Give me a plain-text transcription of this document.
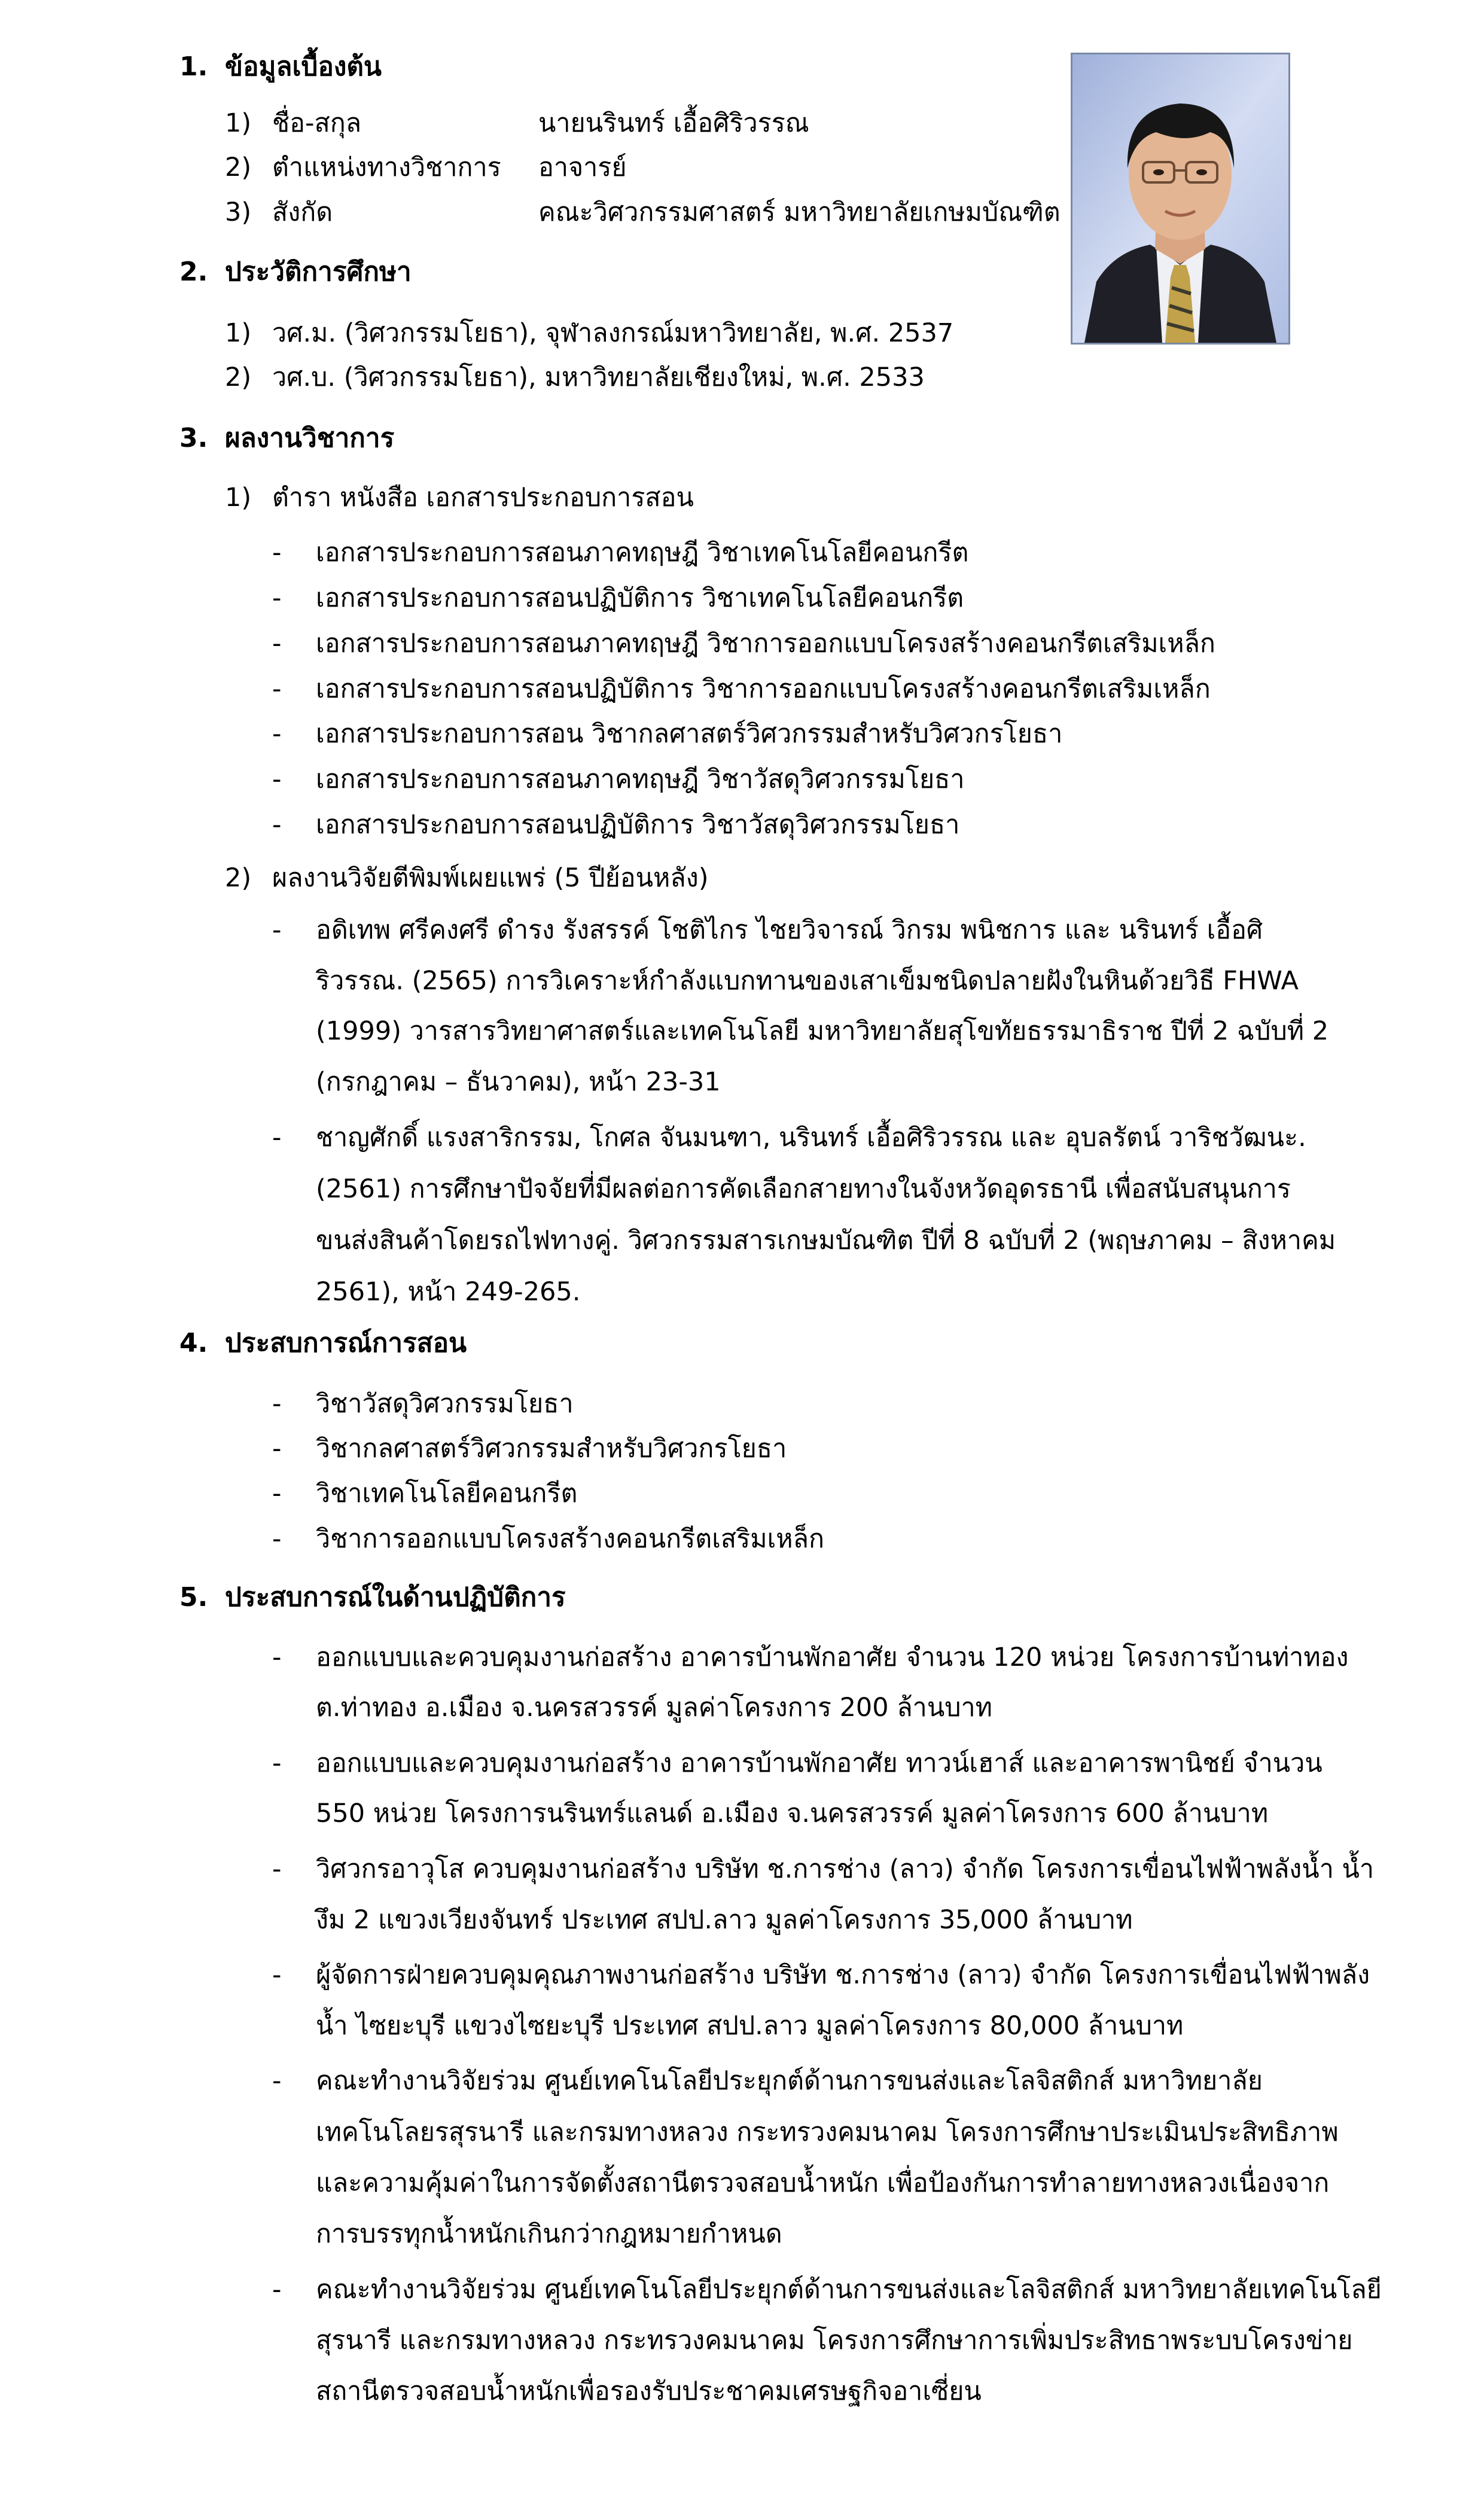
1. ข้อมูลเบื้องต้น
1) ชื่อ-สกุล	นายนรินทร์ เอื้อศิริวรรณ
2) ตำแหน่งทางวิชาการ อาจารย์
3) สังกัด	คณะวิศวกรรมศาสตร์ มหาวิทยาลัยเกษมบัณฑิต
2. ประวัติการศึกษา
1) วศ.ม. (วิศวกรรมโยธา), จุฬาลงกรณ์มหาวิทยาลัย, พ.ศ. 2537
2) วศ.บ. (วิศวกรรมโยธา), มหาวิทยาลัยเชียงใหม่, พ.ศ. 2533
3. ผลงานวิชาการ
1) ตำรา หนังสือ เอกสารประกอบการสอน
- เอกสารประกอบการสอนภาคทฤษฎี วิชาเทคโนโลยีคอนกรีต
- เอกสารประกอบการสอนปฏิบัติการ วิชาเทคโนโลยีคอนกรีต
- เอกสารประกอบการสอนภาคทฤษฎี วิชาการออกแบบโครงสร้างคอนกรีตเสริมเหล็ก
- เอกสารประกอบการสอนปฏิบัติการ วิชาการออกแบบโครงสร้างคอนกรีตเสริมเหล็ก
- เอกสารประกอบการสอน วิชากลศาสตร์วิศวกรรมสำหรับวิศวกรโยธา
- เอกสารประกอบการสอนภาคทฤษฎี วิชาวัสดุวิศวกรรมโยธา
- เอกสารประกอบการสอนปฏิบัติการ วิชาวัสดุวิศวกรรมโยธา
2) ผลงานวิจัยตีพิมพ์เผยแพร่ (5 ปีย้อนหลัง)
- อดิเทพ ศรีคงศรี ดำรง รังสรรค์ โชติไกร ไชยวิจารณ์ วิกรม พนิชการ และ นรินทร์ เอื้อศิ
ริวรรณ. (2565) การวิเคราะห์กำลังแบกทานของเสาเข็มชนิดปลายฝังในหินด้วยวิธี FHWA
(1999) วารสารวิทยาศาสตร์และเทคโนโลยี มหาวิทยาลัยสุโขทัยธรรมาธิราช ปีที่ 2 ฉบับที่ 2
(กรกฎาคม – ธันวาคม), หน้า 23-31
- ชาญศักดิ์ แรงสาริกรรม, โกศล จันมนฑา, นรินทร์ เอื้อศิริวรรณ และ อุบลรัตน์ วาริชวัฒนะ.
(2561) การศึกษาปัจจัยที่มีผลต่อการคัดเลือกสายทางในจังหวัดอุดรธานี เพื่อสนับสนุนการ
ขนส่งสินค้าโดยรถไฟทางคู่. วิศวกรรมสารเกษมบัณฑิต ปีที่ 8 ฉบับที่ 2 (พฤษภาคม – สิงหาคม
2561), หน้า 249-265.
4. ประสบการณ์การสอน
- วิชาวัสดุวิศวกรรมโยธา
- วิชากลศาสตร์วิศวกรรมสำหรับวิศวกรโยธา
- วิชาเทคโนโลยีคอนกรีต
- วิชาการออกแบบโครงสร้างคอนกรีตเสริมเหล็ก
5. ประสบการณ์ในด้านปฏิบัติการ
- ออกแบบและควบคุมงานก่อสร้าง อาคารบ้านพักอาศัย จำนวน 120 หน่วย โครงการบ้านท่าทอง
ต.ท่าทอง อ.เมือง จ.นครสวรรค์ มูลค่าโครงการ 200 ล้านบาท
- ออกแบบและควบคุมงานก่อสร้าง อาคารบ้านพักอาศัย ทาวน์เฮาส์ และอาคารพานิชย์ จำนวน
550 หน่วย โครงการนรินทร์แลนด์ อ.เมือง จ.นครสวรรค์ มูลค่าโครงการ 600 ล้านบาท
- วิศวกรอาวุโส ควบคุมงานก่อสร้าง บริษัท ช.การช่าง (ลาว) จำกัด โครงการเขื่อนไฟฟ้าพลังน้ำ น้ำ
งึม 2 แขวงเวียงจันทร์ ประเทศ สปป.ลาว มูลค่าโครงการ 35,000 ล้านบาท
- ผู้จัดการฝ่ายควบคุมคุณภาพงานก่อสร้าง บริษัท ช.การช่าง (ลาว) จำกัด โครงการเขื่อนไฟฟ้าพลัง
น้ำ ไซยะบุรี แขวงไซยะบุรี ประเทศ สปป.ลาว มูลค่าโครงการ 80,000 ล้านบาท
- คณะทำงานวิจัยร่วม ศูนย์เทคโนโลยีประยุกต์ด้านการขนส่งและโลจิสติกส์ มหาวิทยาลัย
เทคโนโลยรสุรนารี และกรมทางหลวง กระทรวงคมนาคม โครงการศึกษาประเมินประสิทธิภาพ
และความคุ้มค่าในการจัดตั้งสถานีตรวจสอบน้ำหนัก เพื่อป้องกันการทำลายทางหลวงเนื่องจาก
การบรรทุกน้ำหนักเกินกว่ากฎหมายกำหนด
- คณะทำงานวิจัยร่วม ศูนย์เทคโนโลยีประยุกต์ด้านการขนส่งและโลจิสติกส์ มหาวิทยาลัยเทคโนโลยี
สุรนารี และกรมทางหลวง กระทรวงคมนาคม โครงการศึกษาการเพิ่มประสิทธาพระบบโครงข่าย
สถานีตรวจสอบน้ำหนักเพื่อรองรับประชาคมเศรษฐกิจอาเซี่ยน
